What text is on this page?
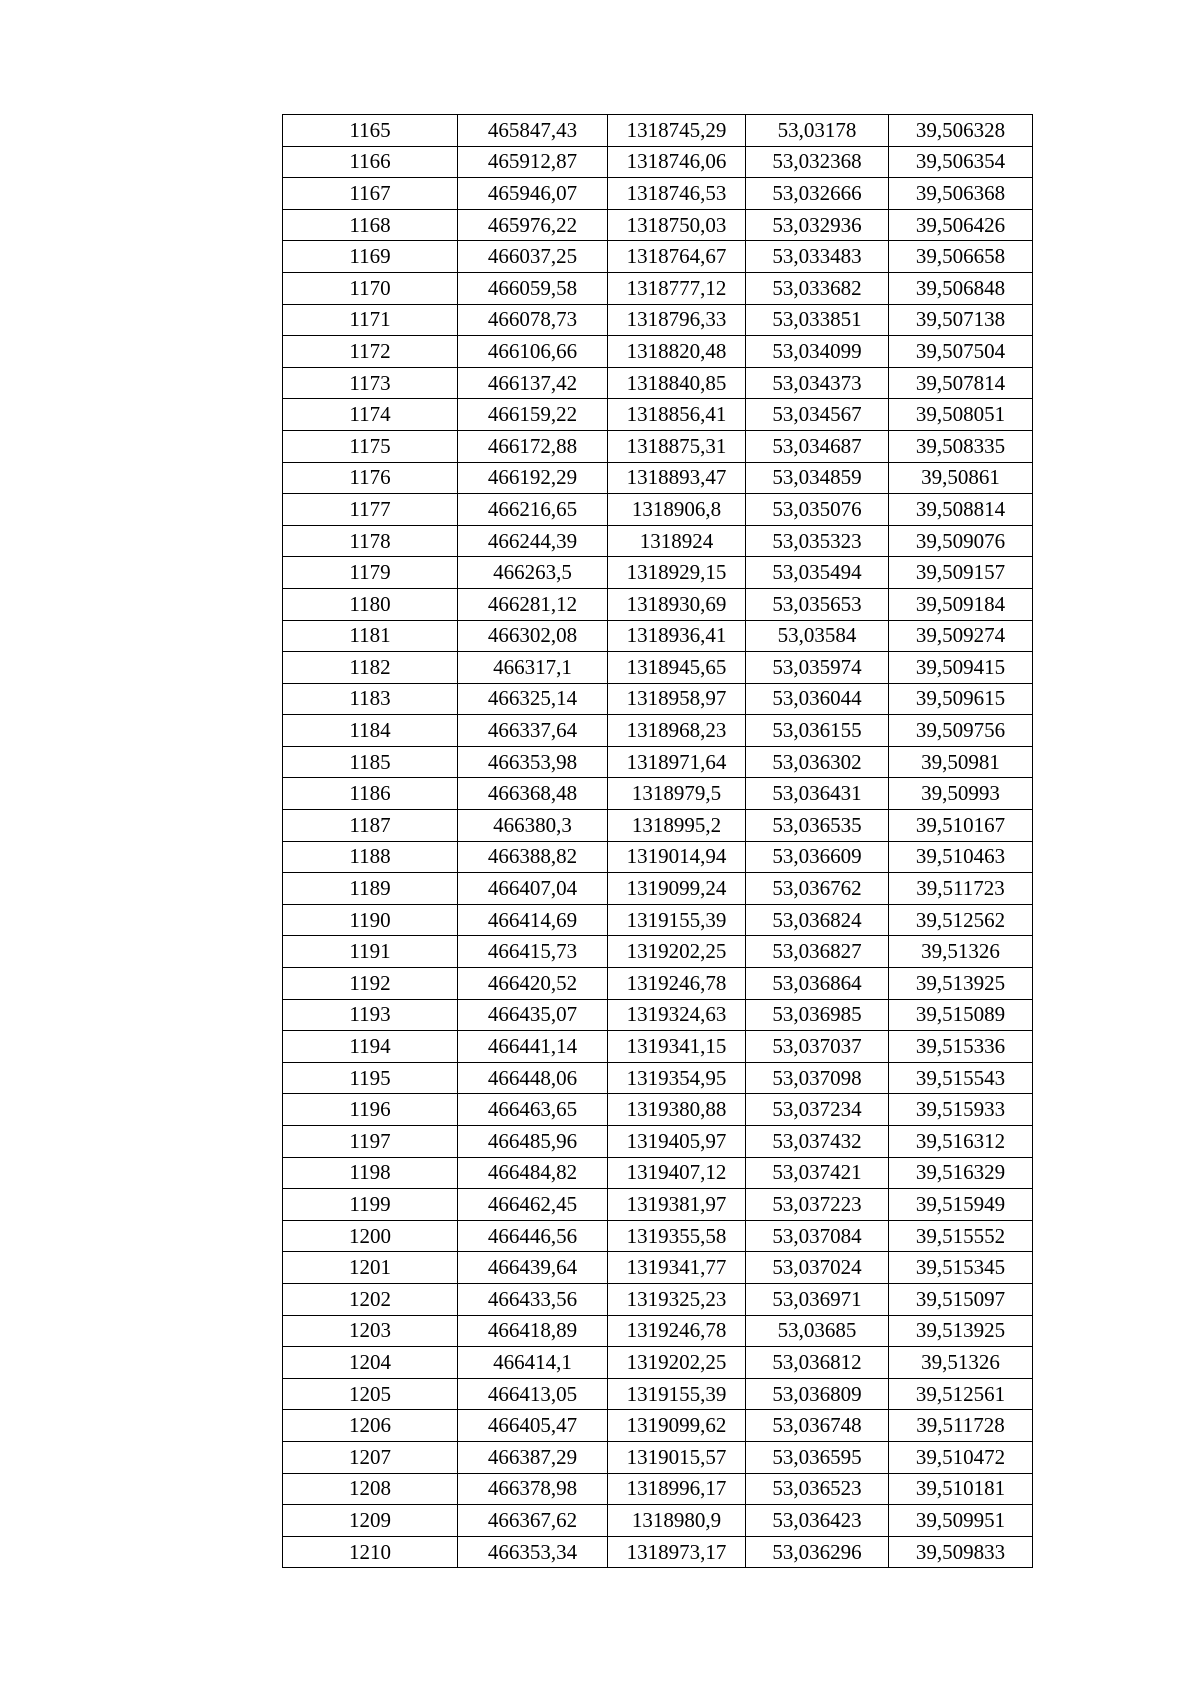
1165	465847,43	1318745,29	53,03178	39,506328
1166	465912,87	1318746,06	53,032368	39,506354
1167	465946,07	1318746,53	53,032666	39,506368
1168	465976,22	1318750,03	53,032936	39,506426
1169	466037,25	1318764,67	53,033483	39,506658
1170	466059,58	1318777,12	53,033682	39,506848
1171	466078,73	1318796,33	53,033851	39,507138
1172	466106,66	1318820,48	53,034099	39,507504
1173	466137,42	1318840,85	53,034373	39,507814
1174	466159,22	1318856,41	53,034567	39,508051
1175	466172,88	1318875,31	53,034687	39,508335
1176	466192,29	1318893,47	53,034859	39,50861
1177	466216,65	1318906,8	53,035076	39,508814
1178	466244,39	1318924	53,035323	39,509076
1179	466263,5	1318929,15	53,035494	39,509157
1180	466281,12	1318930,69	53,035653	39,509184
1181	466302,08	1318936,41	53,03584	39,509274
1182	466317,1	1318945,65	53,035974	39,509415
1183	466325,14	1318958,97	53,036044	39,509615
1184	466337,64	1318968,23	53,036155	39,509756
1185	466353,98	1318971,64	53,036302	39,50981
1186	466368,48	1318979,5	53,036431	39,50993
1187	466380,3	1318995,2	53,036535	39,510167
1188	466388,82	1319014,94	53,036609	39,510463
1189	466407,04	1319099,24	53,036762	39,511723
1190	466414,69	1319155,39	53,036824	39,512562
1191	466415,73	1319202,25	53,036827	39,51326
1192	466420,52	1319246,78	53,036864	39,513925
1193	466435,07	1319324,63	53,036985	39,515089
1194	466441,14	1319341,15	53,037037	39,515336
1195	466448,06	1319354,95	53,037098	39,515543
1196	466463,65	1319380,88	53,037234	39,515933
1197	466485,96	1319405,97	53,037432	39,516312
1198	466484,82	1319407,12	53,037421	39,516329
1199	466462,45	1319381,97	53,037223	39,515949
1200	466446,56	1319355,58	53,037084	39,515552
1201	466439,64	1319341,77	53,037024	39,515345
1202	466433,56	1319325,23	53,036971	39,515097
1203	466418,89	1319246,78	53,03685	39,513925
1204	466414,1	1319202,25	53,036812	39,51326
1205	466413,05	1319155,39	53,036809	39,512561
1206	466405,47	1319099,62	53,036748	39,511728
1207	466387,29	1319015,57	53,036595	39,510472
1208	466378,98	1318996,17	53,036523	39,510181
1209	466367,62	1318980,9	53,036423	39,509951
1210	466353,34	1318973,17	53,036296	39,509833
